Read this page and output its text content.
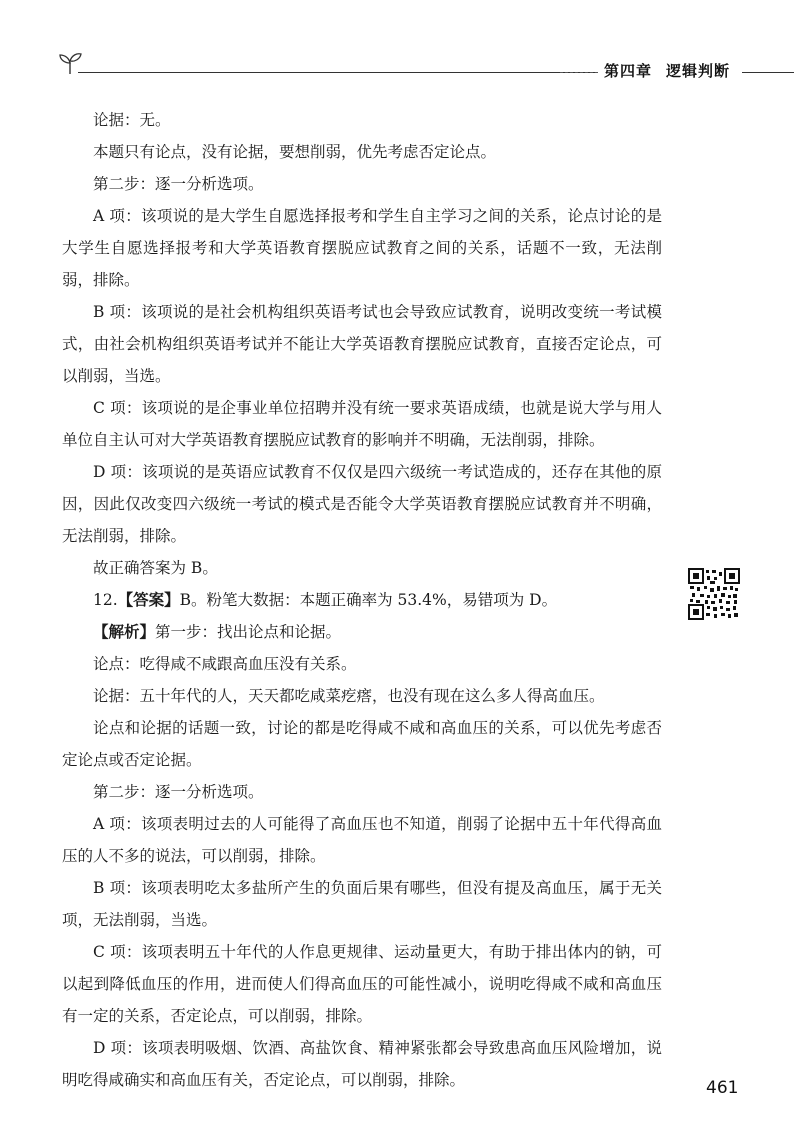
第四章 逻辑判断

论据：无。

本题只有论点，没有论据，要想削弱，优先考虑否定论点。

第二步：逐一分析选项。

A 项：该项说的是大学生自愿选择报考和学生自主学习之间的关系，论点讨论的是大学生自愿选择报考和大学英语教育摆脱应试教育之间的关系，话题不一致，无法削弱，排除。

B 项：该项说的是社会机构组织英语考试也会导致应试教育，说明改变统一考试模式，由社会机构组织英语考试并不能让大学英语教育摆脱应试教育，直接否定论点，可以削弱，当选。

C 项：该项说的是企事业单位招聘并没有统一要求英语成绩，也就是说大学与用人单位自主认可对大学英语教育摆脱应试教育的影响并不明确，无法削弱，排除。

D 项：该项说的是英语应试教育不仅仅是四六级统一考试造成的，还存在其他的原因，因此仅改变四六级统一考试的模式是否能令大学英语教育摆脱应试教育并不明确，无法削弱，排除。

故正确答案为 B。

12.【答案】B。粉笔大数据：本题正确率为 53.4%，易错项为 D。

【解析】第一步：找出论点和论据。

论点：吃得咸不咸跟高血压没有关系。

论据：五十年代的人，天天都吃咸菜疙瘩，也没有现在这么多人得高血压。

论点和论据的话题一致，讨论的都是吃得咸不咸和高血压的关系，可以优先考虑否定论点或否定论据。

第二步：逐一分析选项。

A 项：该项表明过去的人可能得了高血压也不知道，削弱了论据中五十年代得高血压的人不多的说法，可以削弱，排除。

B 项：该项表明吃太多盐所产生的负面后果有哪些，但没有提及高血压，属于无关项，无法削弱，当选。

C 项：该项表明五十年代的人作息更规律、运动量更大，有助于排出体内的钠，可以起到降低血压的作用，进而使人们得高血压的可能性减小，说明吃得咸不咸和高血压有一定的关系，否定论点，可以削弱，排除。

D 项：该项表明吸烟、饮酒、高盐饮食、精神紧张都会导致患高血压风险增加，说明吃得咸确实和高血压有关，否定论点，可以削弱，排除。	461
